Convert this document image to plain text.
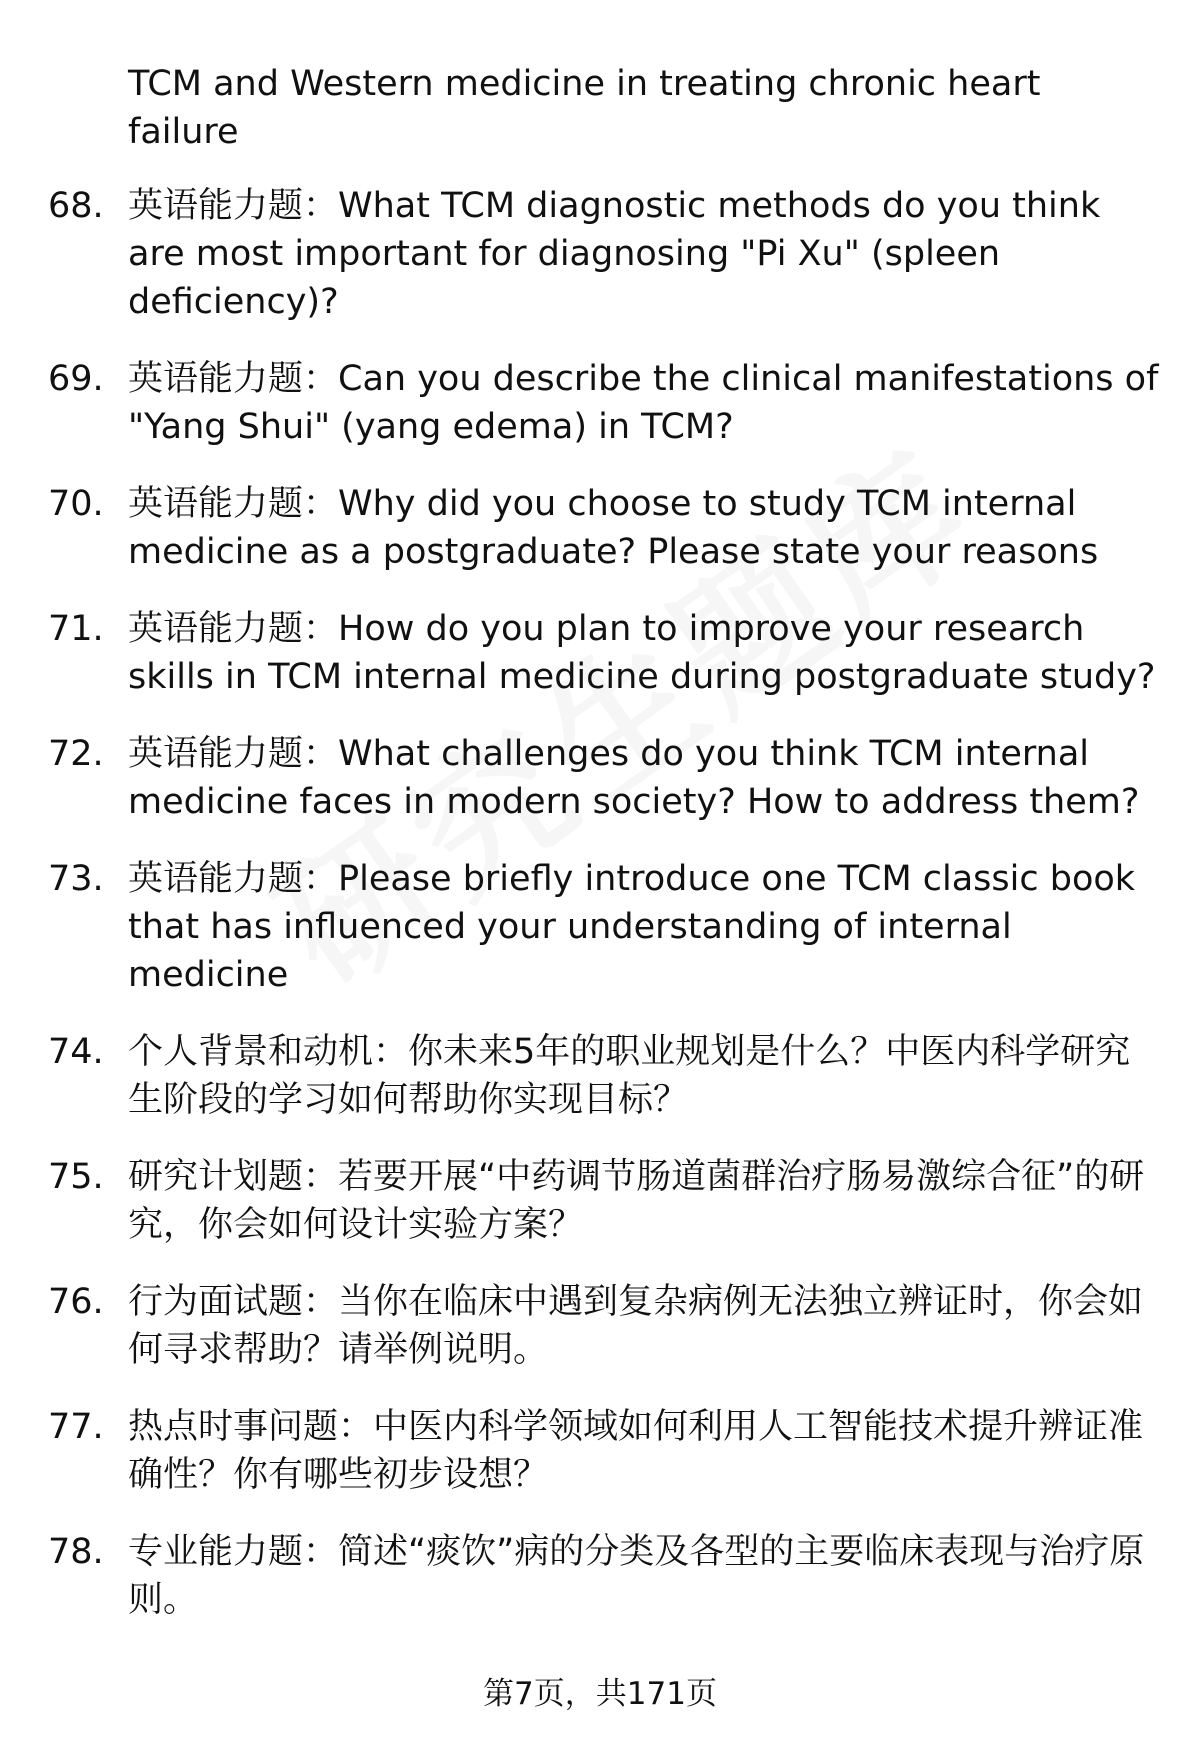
TCM and Western medicine in treating chronic heart failure
68. 英语能力题：What TCM diagnostic methods do you think are most important for diagnosing "Pi Xu" (spleen deficiency)?
69. 英语能力题：Can you describe the clinical manifestations of "Yang Shui" (yang edema) in TCM?
70. 英语能力题：Why did you choose to study TCM internal medicine as a postgraduate? Please state your reasons
71. 英语能力题：How do you plan to improve your research skills in TCM internal medicine during postgraduate study?
72. 英语能力题：What challenges do you think TCM internal medicine faces in modern society? How to address them?
73. 英语能力题：Please briefly introduce one TCM classic book that has influenced your understanding of internal medicine
74. 个人背景和动机：你未来5年的职业规划是什么？中医内科学研究生阶段的学习如何帮助你实现目标？
75. 研究计划题：若要开展“中药调节肠道菌群治疗肠易激综合征”的研究，你会如何设计实验方案？
76. 行为面试题：当你在临床中遇到复杂病例无法独立辨证时，你会如何寻求帮助？请举例说明。
77. 热点时事问题：中医内科学领域如何利用人工智能技术提升辨证准确性？你有哪些初步设想？
78. 专业能力题：简述“痰饮”病的分类及各型的主要临床表现与治疗原则。
第7页，共171页
